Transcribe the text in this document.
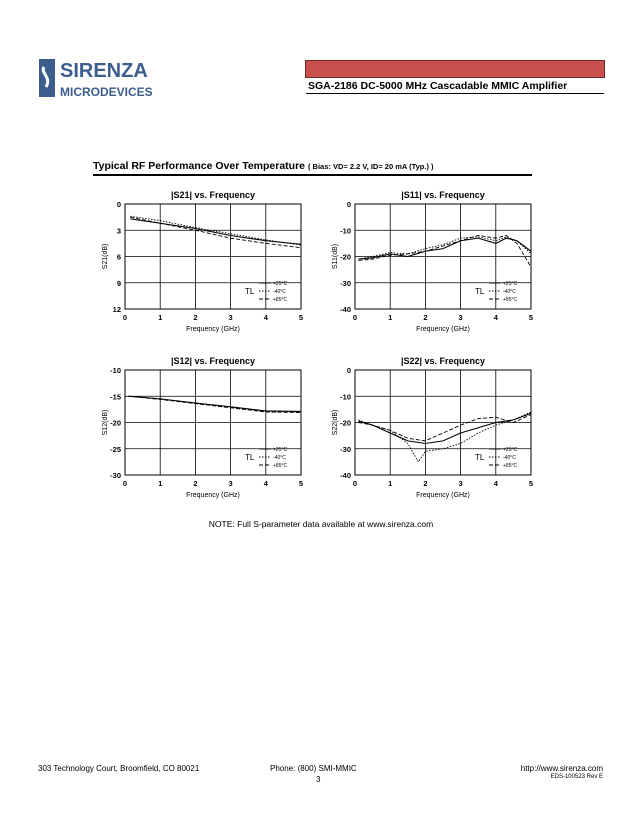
SIRENZA
MICRODEVICES	SGA-2186 DC-5000 MHz Cascadable MMIC Amplifier
Typical RF Performance Over Temperature ( Bias: VD= 2.2 V, ID= 20 mA (Typ.) )
|S21| vs. Frequency
0	1	2	3	4	5
0
3
6
9
12
Frequency (GHz)
S21(dB)
TL
+25°C
-40°C
+85°C
|S11| vs. Frequency
0	1	2	3	4	5
0
-10
-20
-30
-40
Frequency (GHz)
S11(dB)
TL
+25°C
-40°C
+85°C
|S12| vs. Frequency
0	1	2	3	4	5
-10
-15
-20
-25
-30
Frequency (GHz)
S12(dB)
TL
+25°C
-40°C
+85°C
|S22| vs. Frequency
0	1	2	3	4	5
0
-10
-20
-30
-40
Frequency (GHz)
S22(dB)
TL
+25°C
-40°C
+85°C
NOTE: Full S-parameter data available at www.sirenza.com
303 Technology Court, Broomfield, CO 80021	Phone: (800) SMI-MMIC
3
http://www.sirenza.com
EDS-100523 Rev E
